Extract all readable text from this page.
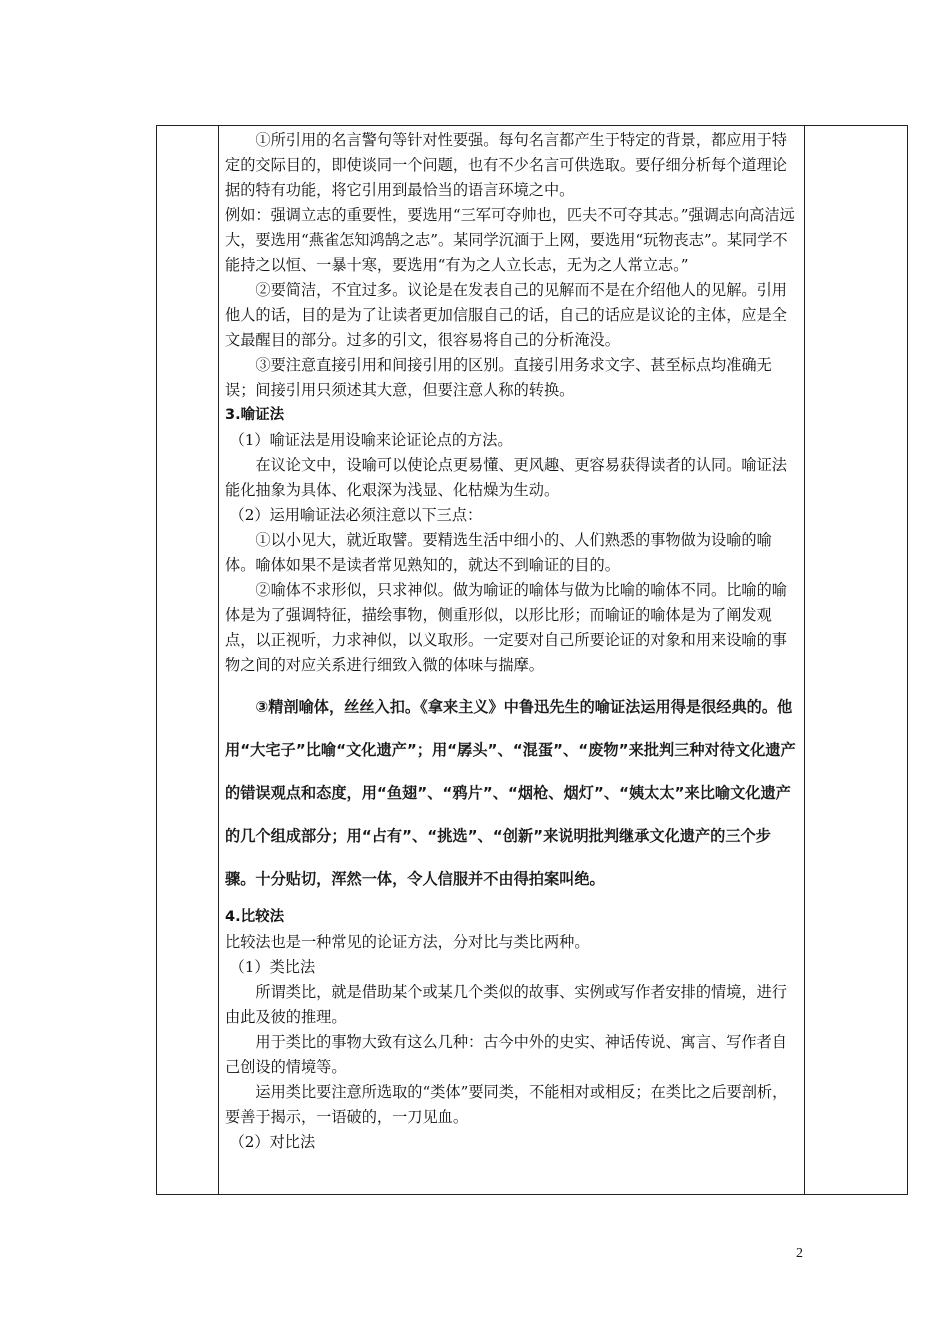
①所引用的名言警句等针对性要强。每句名言都产生于特定的背景，都应用于特定的交际目的，即使谈同一个问题，也有不少名言可供选取。要仔细分析每个道理论据的特有功能，将它引用到最恰当的语言环境之中。

例如：强调立志的重要性，要选用“三军可夺帅也，匹夫不可夺其志。”强调志向高洁远大，要选用“燕雀怎知鸿鹄之志”。某同学沉湎于上网，要选用“玩物丧志”。某同学不能持之以恒、一暴十寒，要选用“有为之人立长志，无为之人常立志。”

②要简洁，不宜过多。议论是在发表自己的见解而不是在介绍他人的见解。引用他人的话，目的是为了让读者更加信服自己的话，自己的话应是议论的主体，应是全文最醒目的部分。过多的引文，很容易将自己的分析淹没。

③要注意直接引用和间接引用的区别。直接引用务求文字、甚至标点均准确无误；间接引用只须述其大意，但要注意人称的转换。

3.喻证法

（1）喻证法是用设喻来论证论点的方法。

在议论文中，设喻可以使论点更易懂、更风趣、更容易获得读者的认同。喻证法能化抽象为具体、化艰深为浅显、化枯燥为生动。

（2）运用喻证法必须注意以下三点：

①以小见大，就近取譬。要精选生活中细小的、人们熟悉的事物做为设喻的喻体。喻体如果不是读者常见熟知的，就达不到喻证的目的。

②喻体不求形似，只求神似。做为喻证的喻体与做为比喻的喻体不同。比喻的喻体是为了强调特征，描绘事物，侧重形似，以形比形；而喻证的喻体是为了阐发观点，以正视听，力求神似，以义取形。一定要对自己所要论证的对象和用来设喻的事物之间的对应关系进行细致入微的体味与揣摩。

③精剖喻体，丝丝入扣。《拿来主义》中鲁迅先生的喻证法运用得是很经典的。他用“大宅子”比喻“文化遗产”；用“孱头”、“混蛋”、“废物”来批判三种对待文化遗产的错误观点和态度，用“鱼翅”、“鸦片”、“烟枪、烟灯”、“姨太太”来比喻文化遗产的几个组成部分；用“占有”、“挑选”、“创新”来说明批判继承文化遗产的三个步骤。十分贴切，浑然一体，令人信服并不由得拍案叫绝。

4.比较法

比较法也是一种常见的论证方法，分对比与类比两种。

（1）类比法

所谓类比，就是借助某个或某几个类似的故事、实例或写作者安排的情境，进行由此及彼的推理。

用于类比的事物大致有这么几种：古今中外的史实、神话传说、寓言、写作者自己创设的情境等。

运用类比要注意所选取的“类体”要同类，不能相对或相反；在类比之后要剖析，要善于揭示，一语破的，一刀见血。

（2）对比法

2
